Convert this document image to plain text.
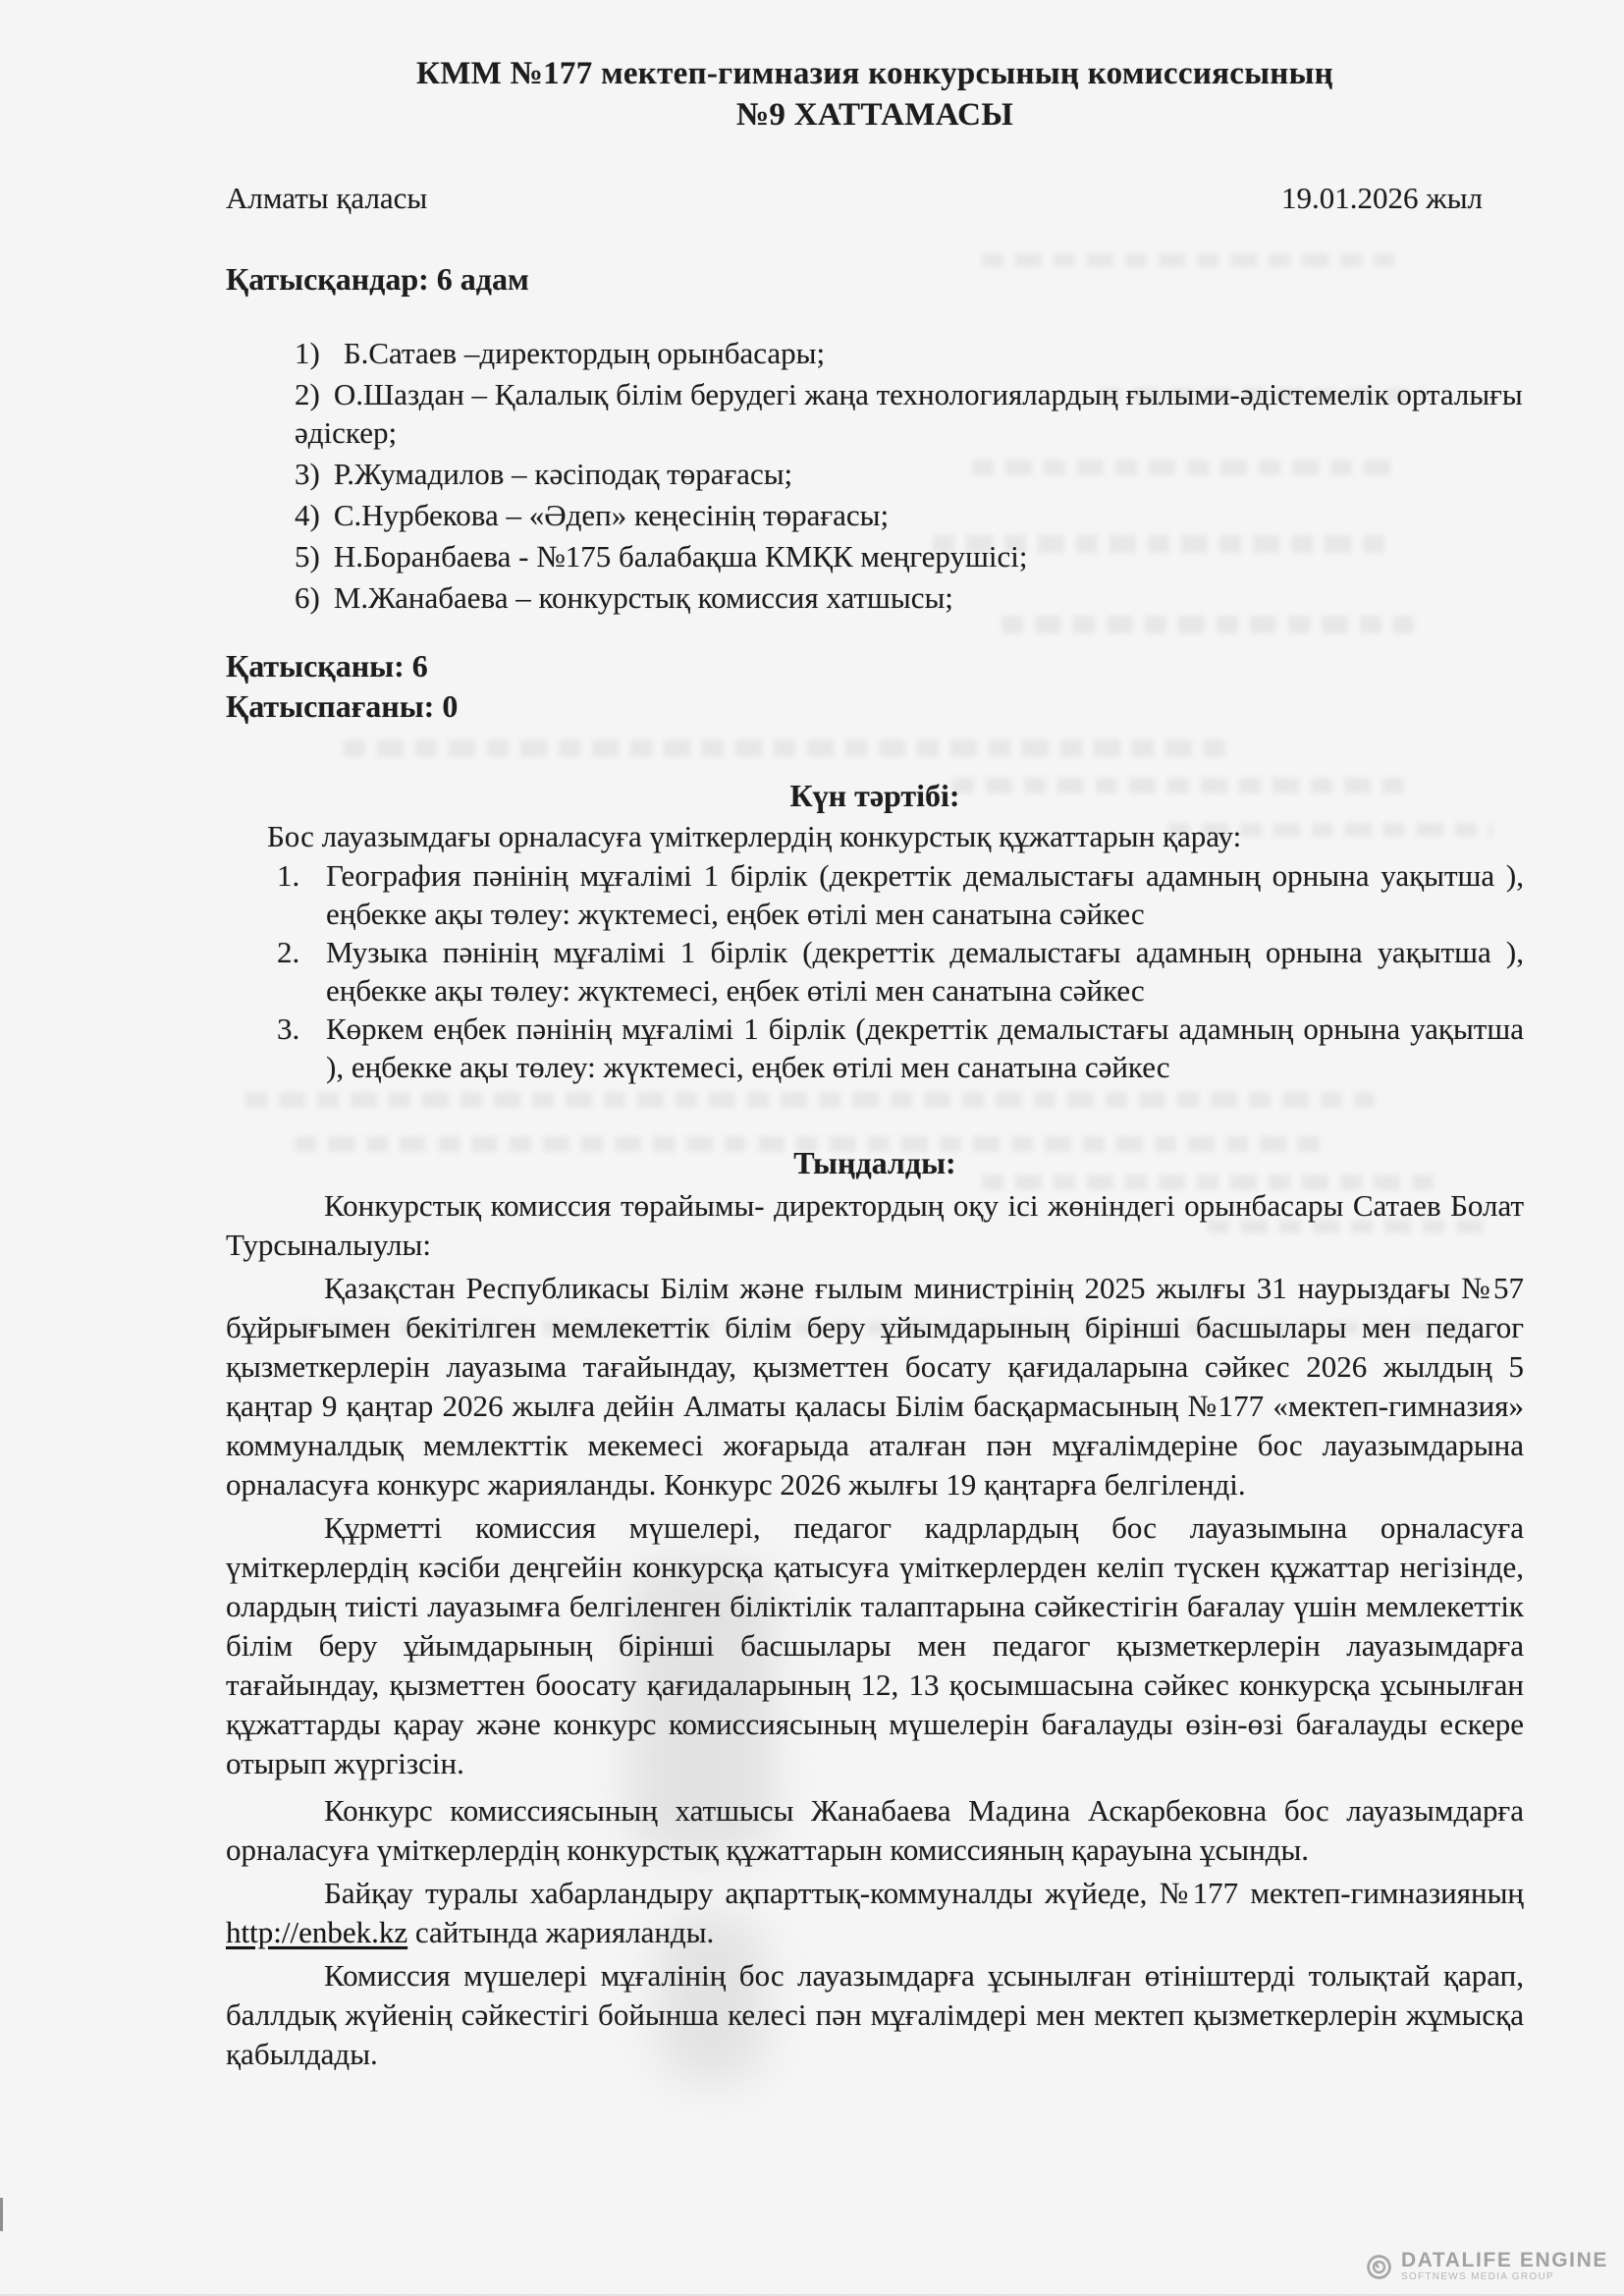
КММ №177 мектеп-гимназия конкурсының комиссиясының
№9 ХАТТАМАСЫ
Алматы қаласы	19.01.2026 жыл
Қатысқандар: 6 адам
1) Б.Сатаев –директордың орынбасары;
2) О.Шаздан – Қалалық білім берудегі жаңа технологиялардың ғылыми-әдістемелік орталығы әдіскер;
3) Р.Жумадилов – кәсіподақ төрағасы;
4) С.Нурбекова – «Әдеп» кеңесінің төрағасы;
5) Н.Боранбаева - №175 балабақша КМҚК меңгерушісі;
6) М.Жанабаева – конкурстық комиссия хатшысы;
Қатысқаны: 6
Қатыспағаны: 0
Күн тәртібі:
Бос лауазымдағы орналасуға үміткерлердің конкурстық құжаттарын қарау:
1. География пәнінің мұғалімі 1 бірлік (декреттік демалыстағы адамның орнына уақытша ), еңбекке ақы төлеу: жүктемесі, еңбек өтілі мен санатына сәйкес
2. Музыка пәнінің мұғалімі 1 бірлік (декреттік демалыстағы адамның орнына уақытша ), еңбекке ақы төлеу: жүктемесі, еңбек өтілі мен санатына сәйкес
3. Көркем еңбек пәнінің мұғалімі 1 бірлік (декреттік демалыстағы адамның орнына уақытша ), еңбекке ақы төлеу: жүктемесі, еңбек өтілі мен санатына сәйкес
Тыңдалды:

Конкурстық комиссия төрайымы- директордың оқу ісі жөніндегі орынбасары Сатаев Болат Турсыналыулы:

Қазақстан Республикасы Білім және ғылым министрінің 2025 жылғы 31 наурыздағы №57 бұйрығымен бекітілген мемлекеттік білім беру ұйымдарының бірінші басшылары мен педагог қызметкерлерін лауазыма тағайындау, қызметтен босату қағидаларына сәйкес 2026 жылдың 5 қаңтар 9 қаңтар 2026 жылға дейін Алматы қаласы Білім басқармасының №177 «мектеп-гимназия» коммуналдық мемлекттік мекемесі жоғарыда аталған пән мұғалімдеріне бос лауазымдарына орналасуға конкурс жарияланды. Конкурс 2026 жылғы 19 қаңтарға белгіленді.

Құрметті комиссия мүшелері, педагог кадрлардың бос лауазымына орналасуға үміткерлердің кәсіби деңгейін конкурсқа қатысуға үміткерлерден келіп түскен құжаттар негізінде, олардың тиісті лауазымға белгіленген біліктілік талаптарына сәйкестігін бағалау үшін мемлекеттік білім беру ұйымдарының бірінші басшылары мен педагог қызметкерлерін лауазымдарға тағайындау, қызметтен боосату қағидаларының 12, 13 қосымшасына сәйкес конкурсқа ұсынылған құжаттарды қарау және конкурс комиссиясының мүшелерін бағалауды өзін-өзі бағалауды ескере отырып жүргізсін.

Конкурс комиссиясының хатшысы Жанабаева Мадина Аскарбековна бос лауазымдарға орналасуға үміткерлердің конкурстық құжаттарын комиссияның қарауына ұсынды.

Байқау туралы хабарландыру ақпарттық-коммуналды жүйеде, №177 мектеп-гимназияның http://enbek.kz сайтында жарияланды.

Комиссия мүшелері мұғалінің бос лауазымдарға ұсынылған өтініштерді толықтай қарап, баллдық жүйенің сәйкестігі бойынша келесі пән мұғалімдері мен мектеп қызметкерлерін жұмысқа қабылдады.

DATALIFE ENGINE
SOFTNEWS MEDIA GROUP
